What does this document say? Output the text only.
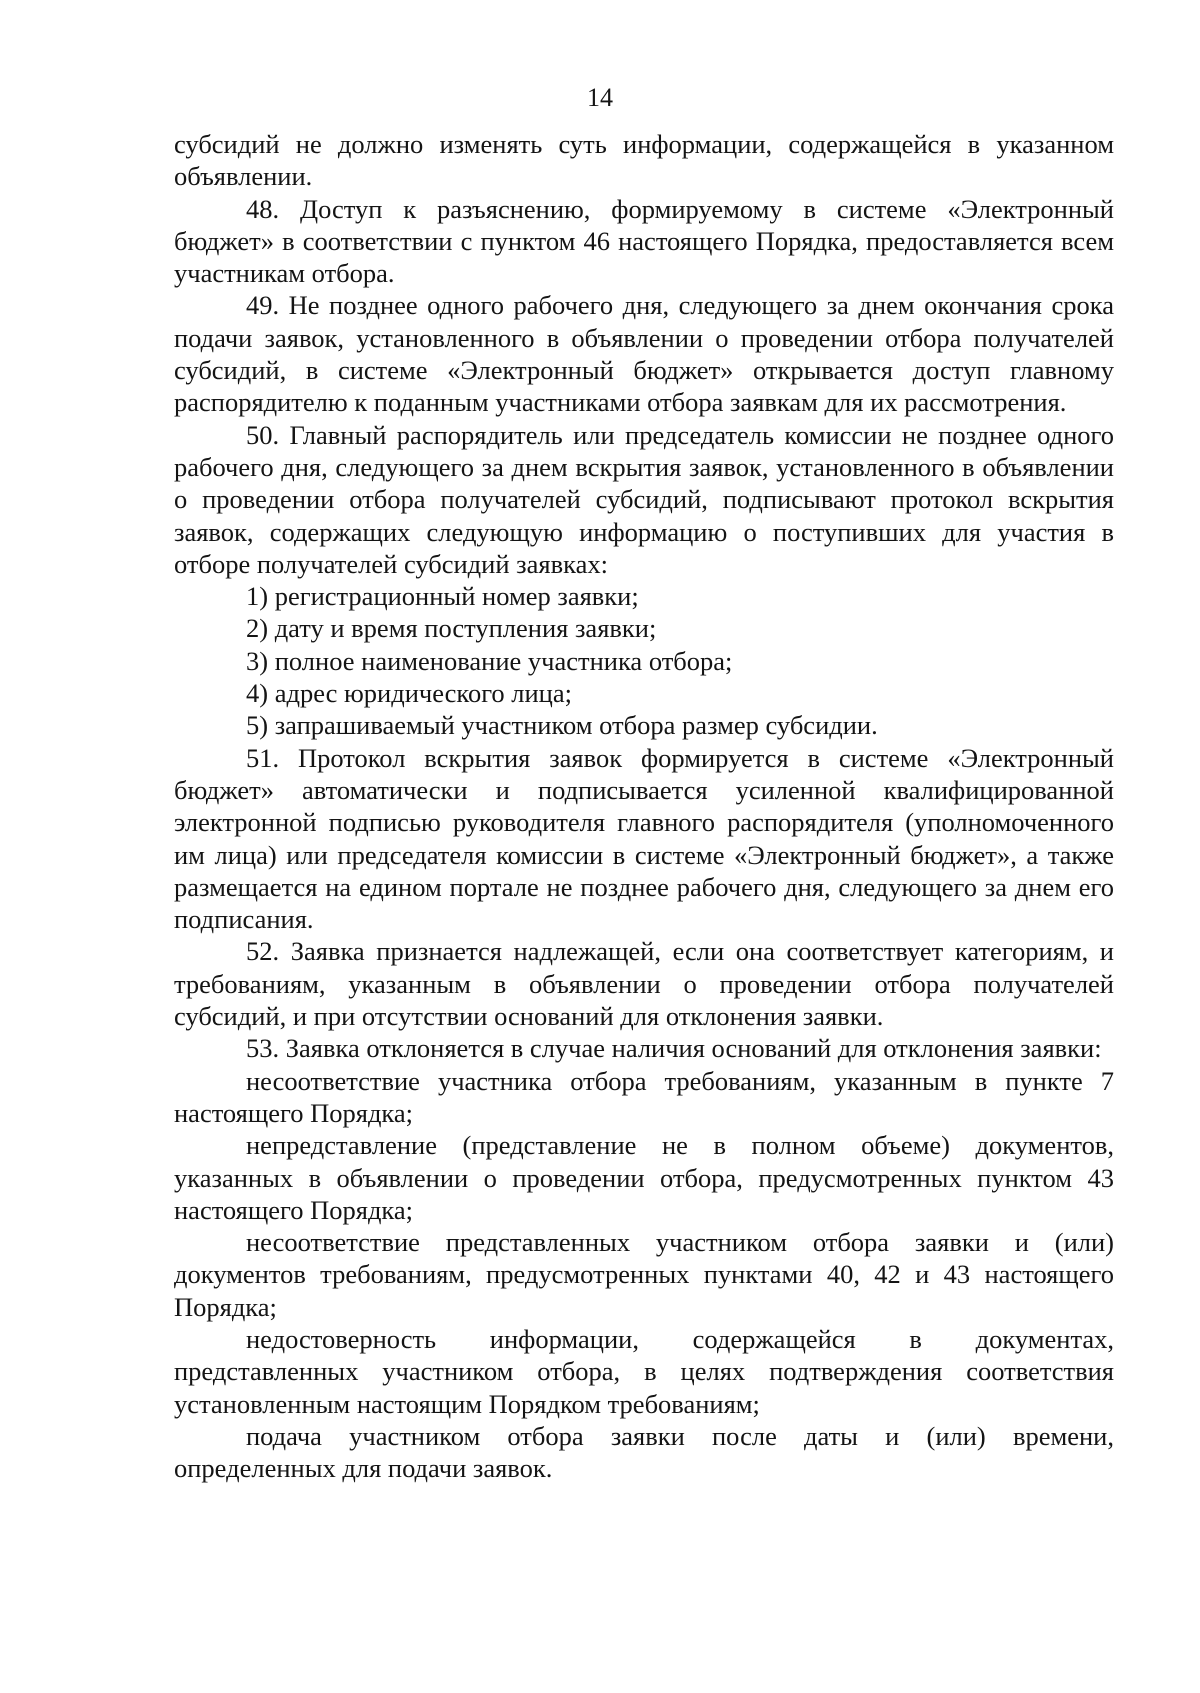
14

субсидий не должно изменять суть информации, содержащейся в указанном объявлении.

48. Доступ к разъяснению, формируемому в системе «Электронный бюджет» в соответствии с пунктом 46 настоящего Порядка, предоставляется всем участникам отбора.

49. Не позднее одного рабочего дня, следующего за днем окончания срока подачи заявок, установленного в объявлении о проведении отбора получателей субсидий, в системе «Электронный бюджет» открывается доступ главному распорядителю к поданным участниками отбора заявкам для их рассмотрения.

50. Главный распорядитель или председатель комиссии не позднее одного рабочего дня, следующего за днем вскрытия заявок, установленного в объявлении о проведении отбора получателей субсидий, подписывают протокол вскрытия заявок, содержащих следующую информацию о поступивших для участия в отборе получателей субсидий заявках:

1) регистрационный номер заявки;

2) дату и время поступления заявки;

3) полное наименование участника отбора;

4) адрес юридического лица;

5) запрашиваемый участником отбора размер субсидии.

51. Протокол вскрытия заявок формируется в системе «Электронный бюджет» автоматически и подписывается усиленной квалифицированной электронной подписью руководителя главного распорядителя (уполномоченного им лица) или председателя комиссии в системе «Электронный бюджет», а также размещается на едином портале не позднее рабочего дня, следующего за днем его подписания.

52. Заявка признается надлежащей, если она соответствует категориям, и требованиям, указанным в объявлении о проведении отбора получателей субсидий, и при отсутствии оснований для отклонения заявки.

53. Заявка отклоняется в случае наличия оснований для отклонения заявки:

несоответствие участника отбора требованиям, указанным в пункте 7 настоящего Порядка;

непредставление (представление не в полном объеме) документов, указанных в объявлении о проведении отбора, предусмотренных пунктом 43 настоящего Порядка;

несоответствие представленных участником отбора заявки и (или) документов требованиям, предусмотренных пунктами 40, 42 и 43 настоящего Порядка;

недостоверность информации, содержащейся в документах, представленных участником отбора, в целях подтверждения соответствия установленным настоящим Порядком требованиям;

подача участником отбора заявки после даты и (или) времени, определенных для подачи заявок.
